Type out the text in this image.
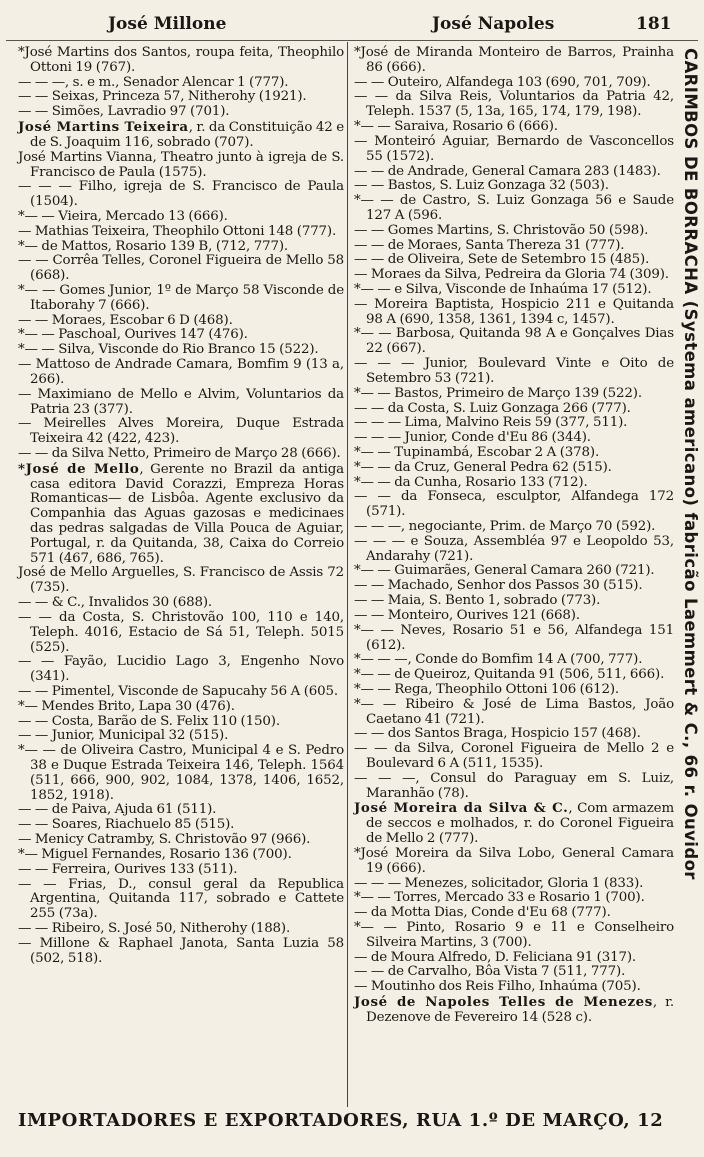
José Millone	José Napoles	181

*José Martins dos Santos, roupa feita, Theophilo Ottoni 19 (767).

— — —, s. e m., Senador Alencar 1 (777).

— — Seixas, Princeza 57, Nitherohy (1921).

— — Simões, Lavradio 97 (701).

José Martins Teixeira, r. da Constituição 42 e de S. Joaquim 116, sobrado (707).

José Martins Vianna, Theatro junto à igreja de S. Francisco de Paula (1575).

— — — Filho, igreja de S. Francisco de Paula (1504).

*— — Vieira, Mercado 13 (666).

— Mathias Teixeira, Theophilo Ottoni 148 (777).

*— de Mattos, Rosario 139 B, (712, 777).

— — Corrêa Telles, Coronel Figueira de Mello 58 (668).

*— — Gomes Junior, 1º de Março 58 Visconde de Itaborahy 7 (666).

— — Moraes, Escobar 6 D (468).

*— — Paschoal, Ourives 147 (476).

*— — Silva, Visconde do Rio Branco 15 (522).

— Mattoso de Andrade Camara, Bomfim 9 (13 a, 266).

— Maximiano de Mello e Alvim, Voluntarios da Patria 23 (377).

— Meirelles Alves Moreira, Duque Estrada Teixeira 42 (422, 423).

— — da Silva Netto, Primeiro de Março 28 (666).

*José de Mello, Gerente no Brazil da antiga casa editora David Corazzi, Empreza Horas Romanticas— de Lisbôa. Agente exclusivo da Companhia das Aguas gazosas e medicinaes das pedras salgadas de Villa Pouca de Aguiar, Portugal, r. da Quitanda, 38, Caixa do Correio 571 (467, 686, 765).

José de Mello Arguelles, S. Francisco de Assis 72 (735).

— — & C., Invalidos 30 (688).

— — da Costa, S. Christovão 100, 110 e 140, Teleph. 4016, Estacio de Sá 51, Teleph. 5015 (525).

— — Fayão, Lucidio Lago 3, Engenho Novo (341).

— — Pimentel, Visconde de Sapucahy 56 A (605.

*— Mendes Brito, Lapa 30 (476).

— — Costa, Barão de S. Felix 110 (150).

— — Junior, Municipal 32 (515).

*— — de Oliveira Castro, Municipal 4 e S. Pedro 38 e Duque Estrada Teixeira 146, Teleph. 1564 (511, 666, 900, 902, 1084, 1378, 1406, 1652, 1852, 1918).

— — de Paiva, Ajuda 61 (511).

— — Soares, Riachuelo 85 (515).

— Menicy Catramby, S. Christovão 97 (966).

*— Miguel Fernandes, Rosario 136 (700).

— — Ferreira, Ourives 133 (511).

— — Frias, D., consul geral da Republica Argentina, Quitanda 117, sobrado e Cattete 255 (73a).

— — Ribeiro, S. José 50, Nitherohy (188).

— Millone & Raphael Janota, Santa Luzia 58 (502, 518).

*José de Miranda Monteiro de Barros, Prainha 86 (666).

— — Outeiro, Alfandega 103 (690, 701, 709).

— — da Silva Reis, Voluntarios da Patria 42, Teleph. 1537 (5, 13a, 165, 174, 179, 198).

*— — Saraiva, Rosario 6 (666).

— Monteiró Aguiar, Bernardo de Vasconcellos 55 (1572).

— — de Andrade, General Camara 283 (1483).

— — Bastos, S. Luiz Gonzaga 32 (503).

*— — de Castro, S. Luiz Gonzaga 56 e Saude 127 A (596.

— — Gomes Martins, S. Christovão 50 (598).

— — de Moraes, Santa Thereza 31 (777).

— — de Oliveira, Sete de Setembro 15 (485).

— Moraes da Silva, Pedreira da Gloria 74 (309).

*— — e Silva, Visconde de Inhaúma 17 (512).

— Moreira Baptista, Hospicio 211 e Quitanda 98 A (690, 1358, 1361, 1394 c, 1457).

*— — Barbosa, Quitanda 98 A e Gonçalves Dias 22 (667).

— — — Junior, Boulevard Vinte e Oito de Setembro 53 (721).

*— — Bastos, Primeiro de Março 139 (522).

— — da Costa, S. Luiz Gonzaga 266 (777).

— — — Lima, Malvino Reis 59 (377, 511).

— — — Junior, Conde d'Eu 86 (344).

*— — Tupinambá, Escobar 2 A (378).

*— — da Cruz, General Pedra 62 (515).

*— — da Cunha, Rosario 133 (712).

— — da Fonseca, esculptor, Alfandega 172 (571).

— — —, negociante, Prim. de Março 70 (592).

— — — e Souza, Assembléa 97 e Leopoldo 53, Andarahy (721).

*— — Guimarães, General Camara 260 (721).

— — Machado, Senhor dos Passos 30 (515).

— — Maia, S. Bento 1, sobrado (773).

— — Monteiro, Ourives 121 (668).

*— — Neves, Rosario 51 e 56, Alfandega 151 (612).

*— — —, Conde do Bomfim 14 A (700, 777).

*— — de Queiroz, Quitanda 91 (506, 511, 666).

*— — Rega, Theophilo Ottoni 106 (612).

*— — Ribeiro & José de Lima Bastos, João Caetano 41 (721).

— — dos Santos Braga, Hospicio 157 (468).

— — da Silva, Coronel Figueira de Mello 2 e Boulevard 6 A (511, 1535).

— — —, Consul do Paraguay em S. Luiz, Maranhão (78).

José Moreira da Silva & C., Com armazem de seccos e molhados, r. do Coronel Figueira de Mello 2 (777).

*José Moreira da Silva Lobo, General Camara 19 (666).

— — — Menezes, solicitador, Gloria 1 (833).

*— — Torres, Mercado 33 e Rosario 1 (700).

— da Motta Dias, Conde d'Eu 68 (777).

*— — Pinto, Rosario 9 e 11 e Conselheiro Silveira Martins, 3 (700).

— de Moura Alfredo, D. Feliciana 91 (317).

— — de Carvalho, Bôa Vista 7 (511, 777).

— Moutinho dos Reis Filho, Inhaúma (705).

José de Napoles Telles de Menezes, r. Dezenove de Fevereiro 14 (528 c).

CARIMBOS DE BORRACHA (Systema americano) fabricão Laemmert & C., 66 r. Ouvidor
IMPORTADORES E EXPORTADORES, RUA 1.º DE MARÇO, 12
